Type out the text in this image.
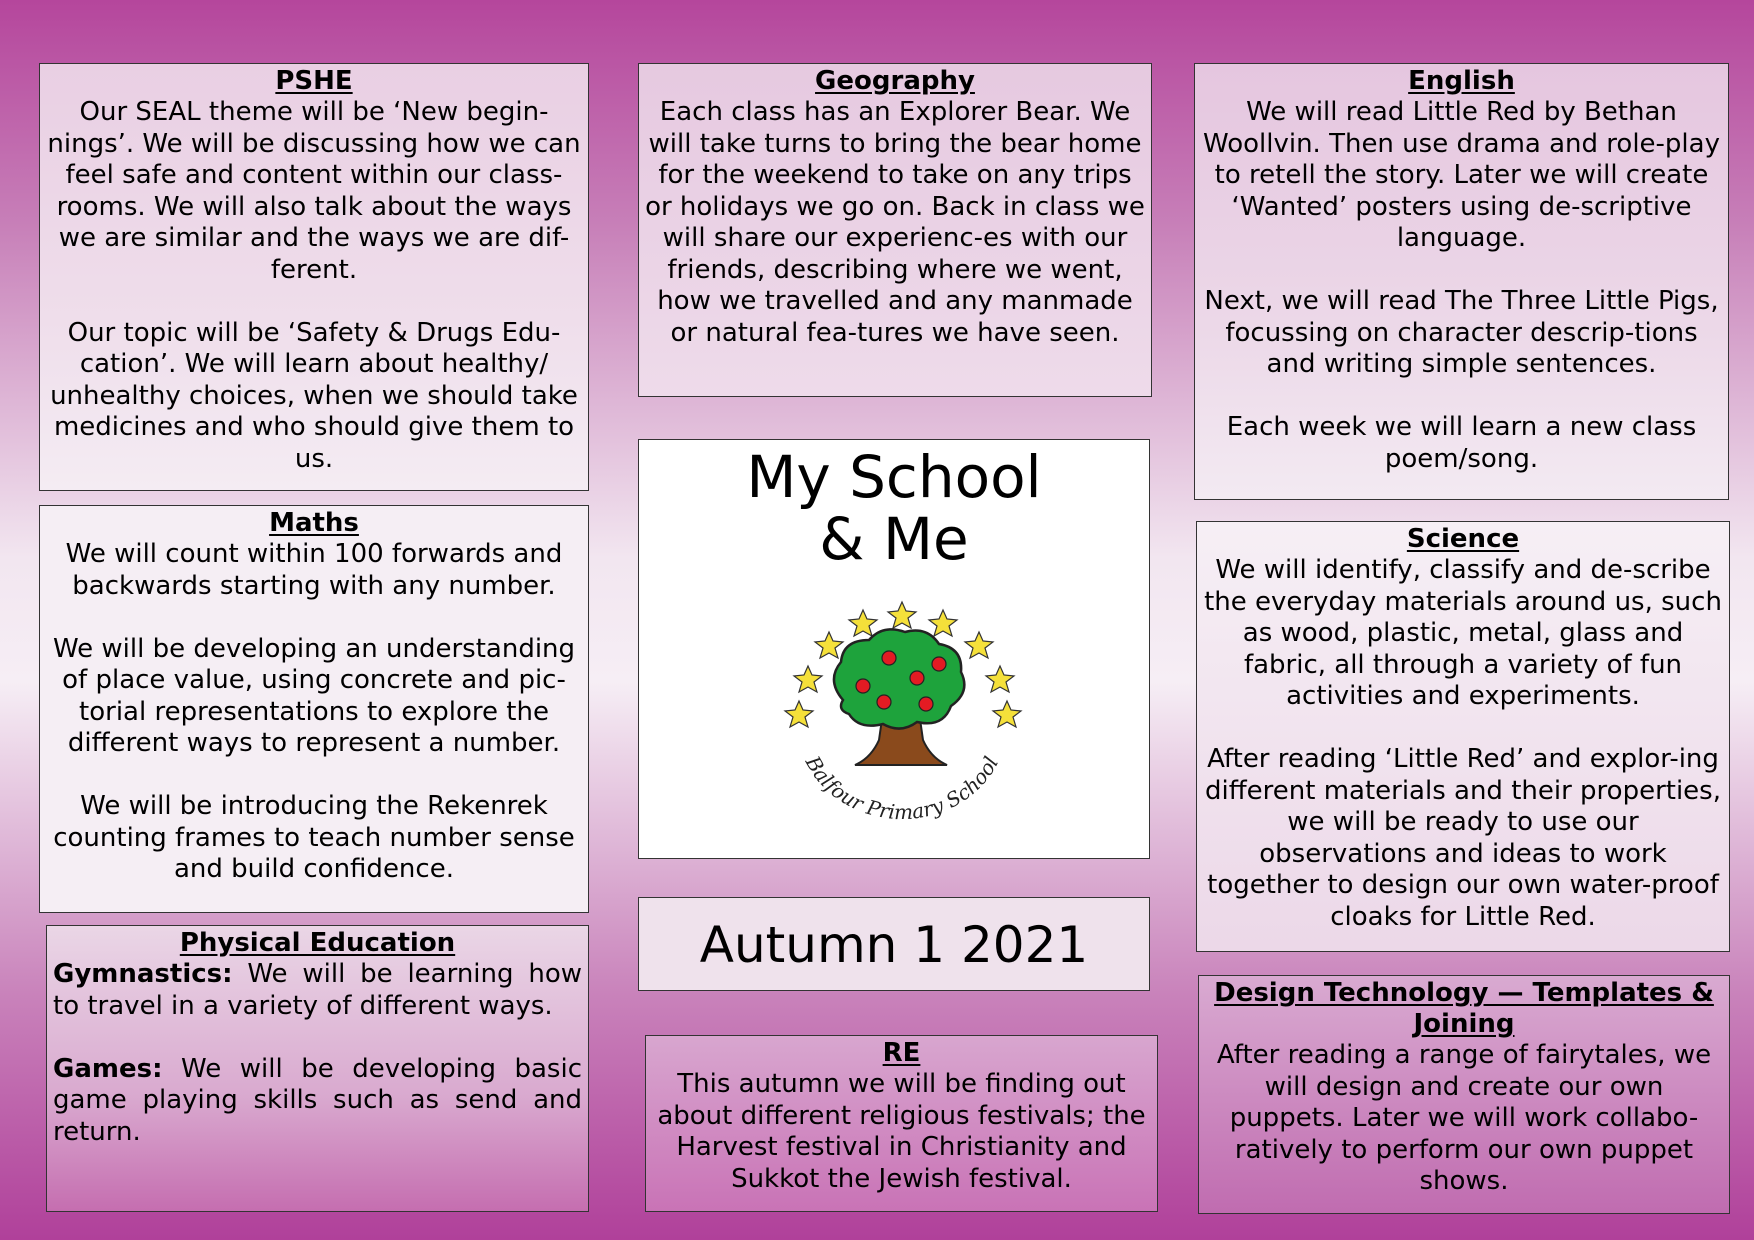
PSHE

Our SEAL theme will be ‘New begin-nings’. We will be discussing how we can feel safe and content within our class-rooms. We will also talk about the ways we are similar and the ways we are dif-ferent.

Our topic will be ‘Safety & Drugs Edu-cation’. We will learn about healthy/ unhealthy choices, when we should take medicines and who should give them to us.

Maths

We will count within 100 forwards and backwards starting with any number.

We will be developing an understanding of place value, using concrete and pic-torial representations to explore the different ways to represent a number.

We will be introducing the Rekenrek counting frames to teach number sense and build confidence.

Physical Education

Gymnastics: We will be learning how to travel in a variety of different ways.

Games: We will be developing basic game playing skills such as send and return.

Geography

Each class has an Explorer Bear. We will take turns to bring the bear home for the weekend to take on any trips or holidays we go on. Back in class we will share our experienc-es with our friends, describing where we went, how we travelled and any manmade or natural fea-tures we have seen.

My School
& Me
Balfour Primary School
Autumn 1 2021
RE

This autumn we will be finding out about different religious festivals; the Harvest festival in Christianity and Sukkot the Jewish festival.

English

We will read Little Red by Bethan Woollvin. Then use drama and role-play to retell the story. Later we will create ‘Wanted’ posters using de-scriptive language.

Next, we will read The Three Little Pigs, focussing on character descrip-tions and writing simple sentences.

Each week we will learn a new class poem/song.

Science

We will identify, classify and de-scribe the everyday materials around us, such as wood, plastic, metal, glass and fabric, all through a variety of fun activities and experiments.

After reading ‘Little Red’ and explor-ing different materials and their properties, we will be ready to use our observations and ideas to work together to design our own water-proof cloaks for Little Red.

Design Technology — Templates & Joining

After reading a range of fairytales, we will design and create our own puppets. Later we will work collabo-ratively to perform our own puppet shows.
